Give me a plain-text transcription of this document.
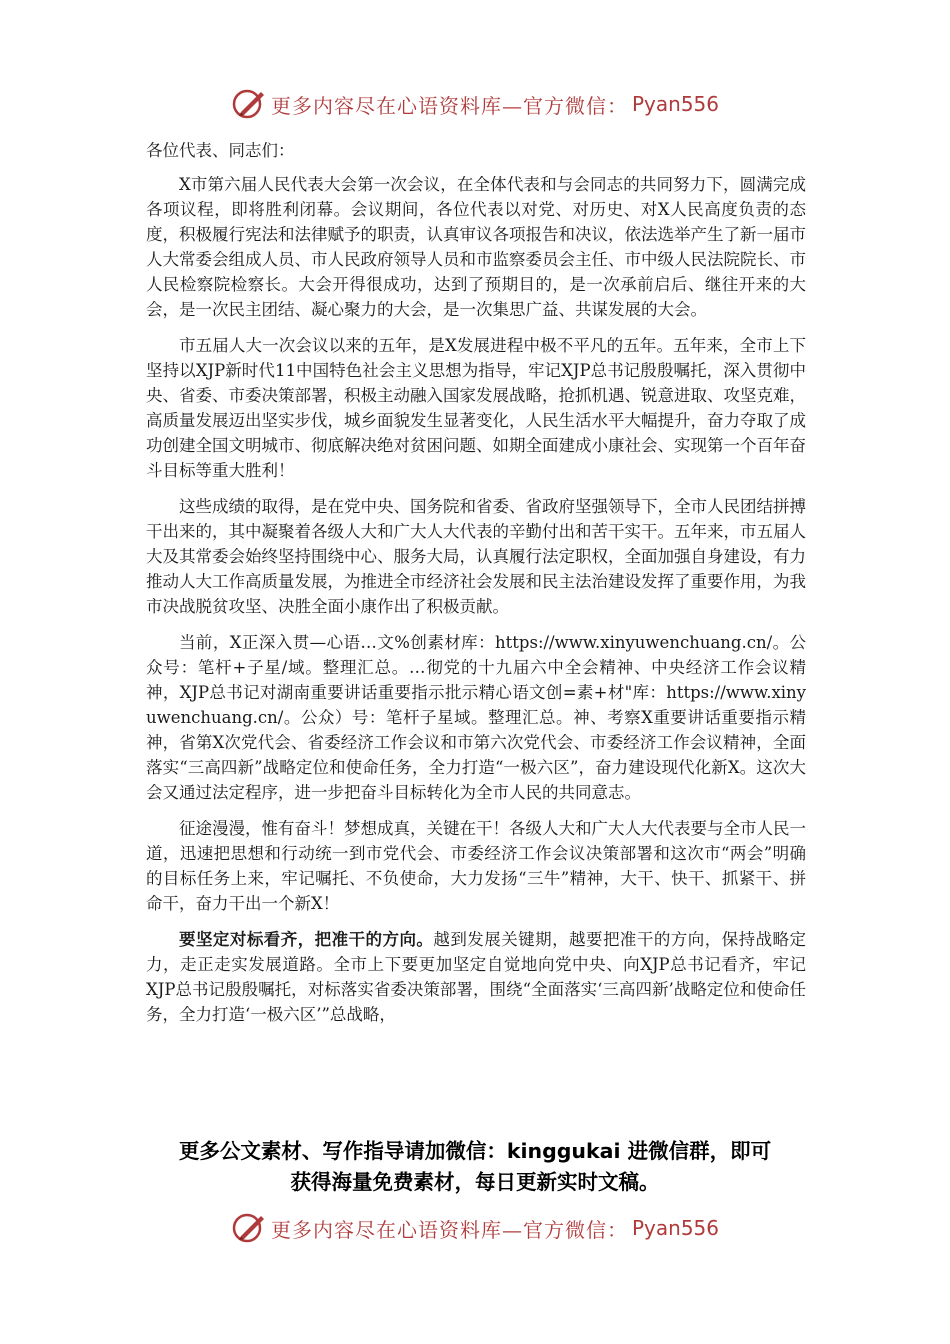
更多内容尽在心语资料库—官方微信： Pyan556

各位代表、同志们：

X市第六届人民代表大会第一次会议，在全体代表和与会同志的共同努力下，圆满完成各项议程，即将胜利闭幕。会议期间，各位代表以对党、对历史、对X人民高度负责的态度，积极履行宪法和法律赋予的职责，认真审议各项报告和决议，依法选举产生了新一届市人大常委会组成人员、市人民政府领导人员和市监察委员会主任、市中级人民法院院长、市人民检察院检察长。大会开得很成功，达到了预期目的，是一次承前启后、继往开来的大会，是一次民主团结、凝心聚力的大会，是一次集思广益、共谋发展的大会。

市五届人大一次会议以来的五年，是X发展进程中极不平凡的五年。五年来，全市上下坚持以XJP新时代11中国特色社会主义思想为指导，牢记XJP总书记殷殷嘱托，深入贯彻中央、省委、市委决策部署，积极主动融入国家发展战略，抢抓机遇、锐意进取、攻坚克难，高质量发展迈出坚实步伐，城乡面貌发生显著变化，人民生活水平大幅提升，奋力夺取了成功创建全国文明城市、彻底解决绝对贫困问题、如期全面建成小康社会、实现第一个百年奋斗目标等重大胜利！

这些成绩的取得，是在党中央、国务院和省委、省政府坚强领导下，全市人民团结拼搏干出来的，其中凝聚着各级人大和广大人大代表的辛勤付出和苦干实干。五年来，市五届人大及其常委会始终坚持围绕中心、服务大局，认真履行法定职权，全面加强自身建设，有力推动人大工作高质量发展，为推进全市经济社会发展和民主法治建设发挥了重要作用，为我市决战脱贫攻坚、决胜全面小康作出了积极贡献。

当前，X正深入贯—心语…文%创素材库：https://www.xinyuwenchuang.cn/。公众号：笔杆+子星/域。整理汇总。…彻党的十九届六中全会精神、中央经济工作会议精神，XJP总书记对湖南重要讲话重要指示批示精心语文创=素+材"库：https://www.xinyuwenchuang.cn/。公众）号：笔杆子星域。整理汇总。神、考察X重要讲话重要指示精神，省第X次党代会、省委经济工作会议和市第六次党代会、市委经济工作会议精神，全面落实“三高四新”战略定位和使命任务，全力打造“一极六区”，奋力建设现代化新X。这次大会又通过法定程序，进一步把奋斗目标转化为全市人民的共同意志。

征途漫漫，惟有奋斗！梦想成真，关键在干！各级人大和广大人大代表要与全市人民一道，迅速把思想和行动统一到市党代会、市委经济工作会议决策部署和这次市“两会”明确的目标任务上来，牢记嘱托、不负使命，大力发扬“三牛”精神，大干、快干、抓紧干、拼命干，奋力干出一个新X！

要坚定对标看齐，把准干的方向。越到发展关键期，越要把准干的方向，保持战略定力，走正走实发展道路。全市上下要更加坚定自觉地向党中央、向XJP总书记看齐，牢记XJP总书记殷殷嘱托，对标落实省委决策部署，围绕“全面落实‘三高四新’战略定位和使命任务，全力打造‘一极六区’”总战略，

更多公文素材、写作指导请加微信：kinggukai 进微信群，即可
获得海量免费素材，每日更新实时文稿。
更多内容尽在心语资料库—官方微信： Pyan556
